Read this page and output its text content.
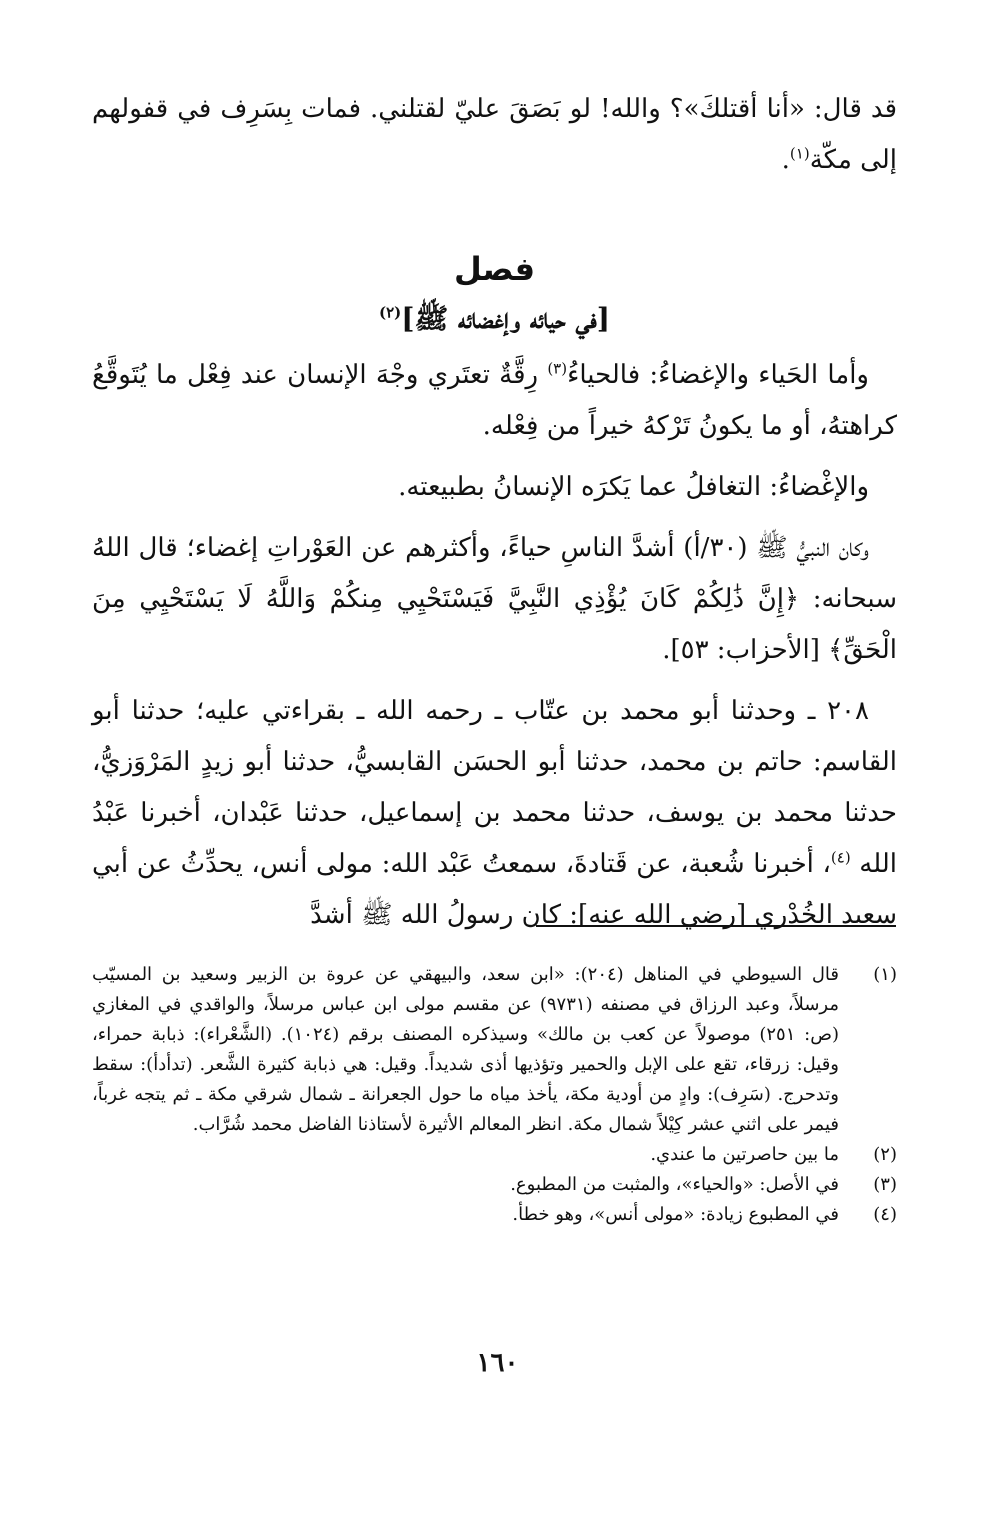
قد قال: «أنا أقتلكَ»؟ والله! لو بَصَقَ عليّ لقتلني. فمات بِسَرِف في قفولهم إلى مكّة$^{(١)}$.

فصل
[في حيائه وإغضائه ﷺ]$^{(٢)}$

وأما الحَياء والإغضاءُ: فالحياءُ$^{(٣)}$ رِقَّةٌ تعتَري وجْهَ الإنسان عند فِعْل ما يُتَوقَّعُ كراهتهُ، أو ما يكونُ تَرْكهُ خيراً من فِعْله.

والإغْضاءُ: التغافلُ عما يَكرَه الإنسانُ بطبيعته.

وكان النبيُّ ﷺ (٣٠/أ) أشدَّ الناسِ حياءً، وأكثرهم عن العَوْراتِ إغضاء؛ قال اللهُ سبحانه: ﴿إِنَّ ذَٰلِكُمْ كَانَ يُؤْذِي النَّبِيَّ فَيَسْتَحْيِي مِنكُمْ وَاللَّهُ لَا يَسْتَحْيِي مِنَ الْحَقِّ﴾ [الأحزاب: ٥٣].

٢٠٨ ـ وحدثنا أبو محمد بن عتّاب ـ رحمه الله ـ بقراءتي عليه؛ حدثنا أبو القاسم: حاتم بن محمد، حدثنا أبو الحسَن القابسيُّ، حدثنا أبو زيدٍ المَرْوَزيُّ، حدثنا محمد بن يوسف، حدثنا محمد بن إسماعيل، حدثنا عَبْدان، أخبرنا عَبْدُ الله $^{(٤)}$، أخبرنا شُعبة، عن قَتادةَ، سمعتُ عَبْد الله: مولى أنس، يحدِّثُ عن أبي سعيد الخُدْري [رضي الله عنه]: كان رسولُ الله ﷺ أشدَّ

(١)
قال السيوطي في المناهل (٢٠٤): «ابن سعد، والبيهقي عن عروة بن الزبير وسعيد بن المسيّب مرسلاً، وعبد الرزاق في مصنفه (٩٧٣١) عن مقسم مولى ابن عباس مرسلاً، والواقدي في المغازي (ص: ٢٥١) موصولاً عن كعب بن مالك» وسيذكره المصنف برقم (١٠٢٤). (الشَّعْراء): ذبابة حمراء، وقيل: زرقاء، تقع على الإبل والحمير وتؤذيها أذى شديداً. وقيل: هي ذبابة كثيرة الشَّعر. (تدأدأ): سقط وتدحرج. (سَرِف): وادٍ من أودية مكة، يأخذ مياه ما حول الجعرانة ـ شمال شرقي مكة ـ ثم يتجه غرباً، فيمر على اثني عشر كِيْلاً شمال مكة. انظر المعالم الأثيرة لأستاذنا الفاضل محمد شُرَّاب.
(٢)
ما بين حاصرتين ما عندي.
(٣)
في الأصل: «والحياء»، والمثبت من المطبوع.
(٤)
في المطبوع زيادة: «مولى أنس»، وهو خطأ.
١٦٠
